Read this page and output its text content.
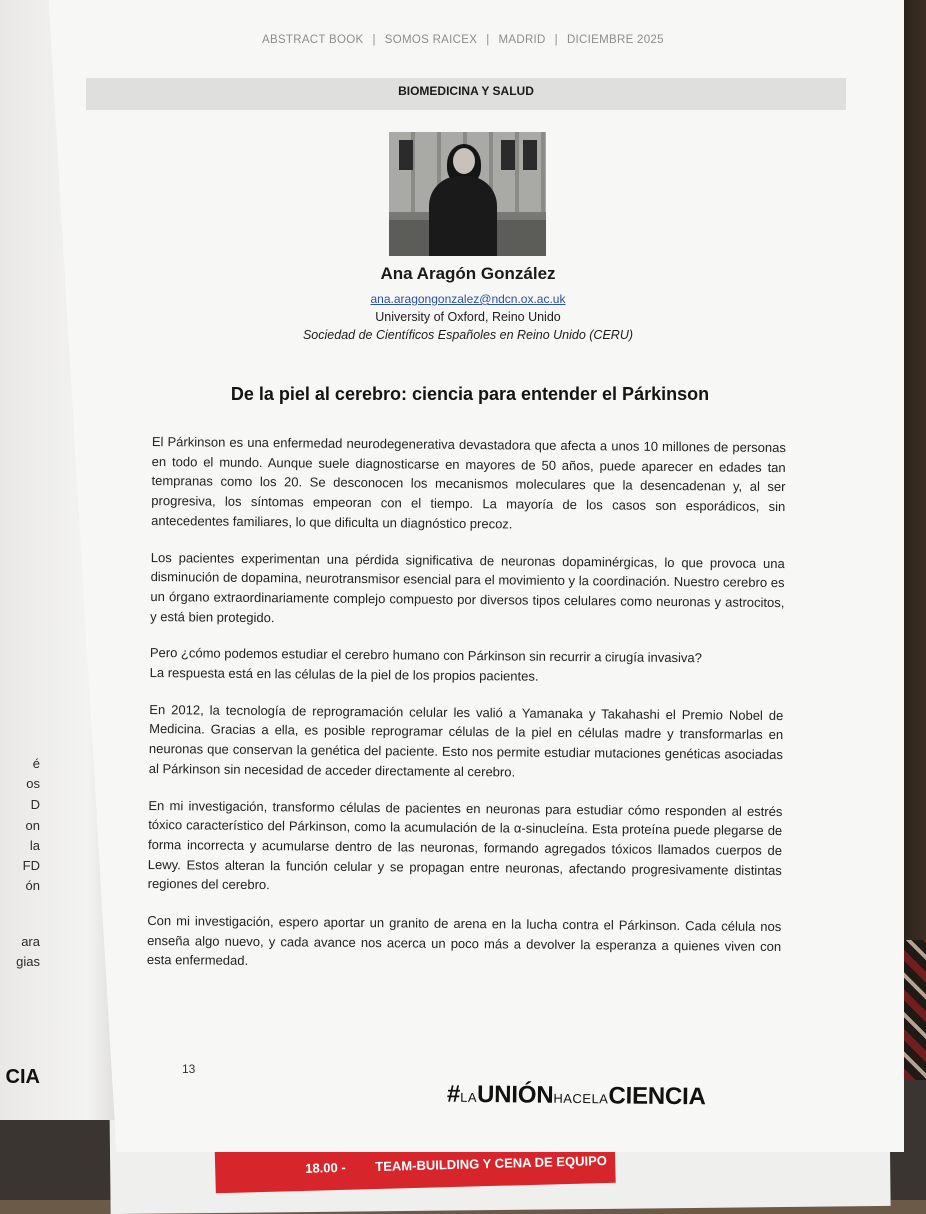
18.00 - TEAM-BUILDING Y CENA DE EQUIPO
é
os
D
on
la
FD
ón
ara
gias
CIA
ABSTRACT BOOK | SOMOS RAICEX | MADRID | DICIEMBRE 2025
BIOMEDICINA Y SALUD
Ana Aragón González
ana.aragongonzalez@ndcn.ox.ac.uk
University of Oxford, Reino Unido
Sociedad de Científicos Españoles en Reino Unido (CERU)
De la piel al cerebro: ciencia para entender el Párkinson

El Párkinson es una enfermedad neurodegenerativa devastadora que afecta a unos 10 millones de personas en todo el mundo. Aunque suele diagnosticarse en mayores de 50 años, puede aparecer en edades tan tempranas como los 20. Se desconocen los mecanismos moleculares que la desencadenan y, al ser progresiva, los síntomas empeoran con el tiempo. La mayoría de los casos son esporádicos, sin antecedentes familiares, lo que dificulta un diagnóstico precoz.

Los pacientes experimentan una pérdida significativa de neuronas dopaminérgicas, lo que provoca una disminución de dopamina, neurotransmisor esencial para el movimiento y la coordinación. Nuestro cerebro es un órgano extraordinariamente complejo compuesto por diversos tipos celulares como neuronas y astrocitos, y está bien protegido.

Pero ¿cómo podemos estudiar el cerebro humano con Párkinson sin recurrir a cirugía invasiva?

La respuesta está en las células de la piel de los propios pacientes.

En 2012, la tecnología de reprogramación celular les valió a Yamanaka y Takahashi el Premio Nobel de Medicina. Gracias a ella, es posible reprogramar células de la piel en células madre y transformarlas en neuronas que conservan la genética del paciente. Esto nos permite estudiar mutaciones genéticas asociadas al Párkinson sin necesidad de acceder directamente al cerebro.

En mi investigación, transformo células de pacientes en neuronas para estudiar cómo responden al estrés tóxico característico del Párkinson, como la acumulación de la α-sinucleína. Esta proteína puede plegarse de forma incorrecta y acumularse dentro de las neuronas, formando agregados tóxicos llamados cuerpos de Lewy. Estos alteran la función celular y se propagan entre neuronas, afectando progresivamente distintas regiones del cerebro.

Con mi investigación, espero aportar un granito de arena en la lucha contra el Párkinson. Cada célula nos enseña algo nuevo, y cada avance nos acerca un poco más a devolver la esperanza a quienes viven con esta enfermedad.

13
#LAUNIÓNHACELACIENCIA
